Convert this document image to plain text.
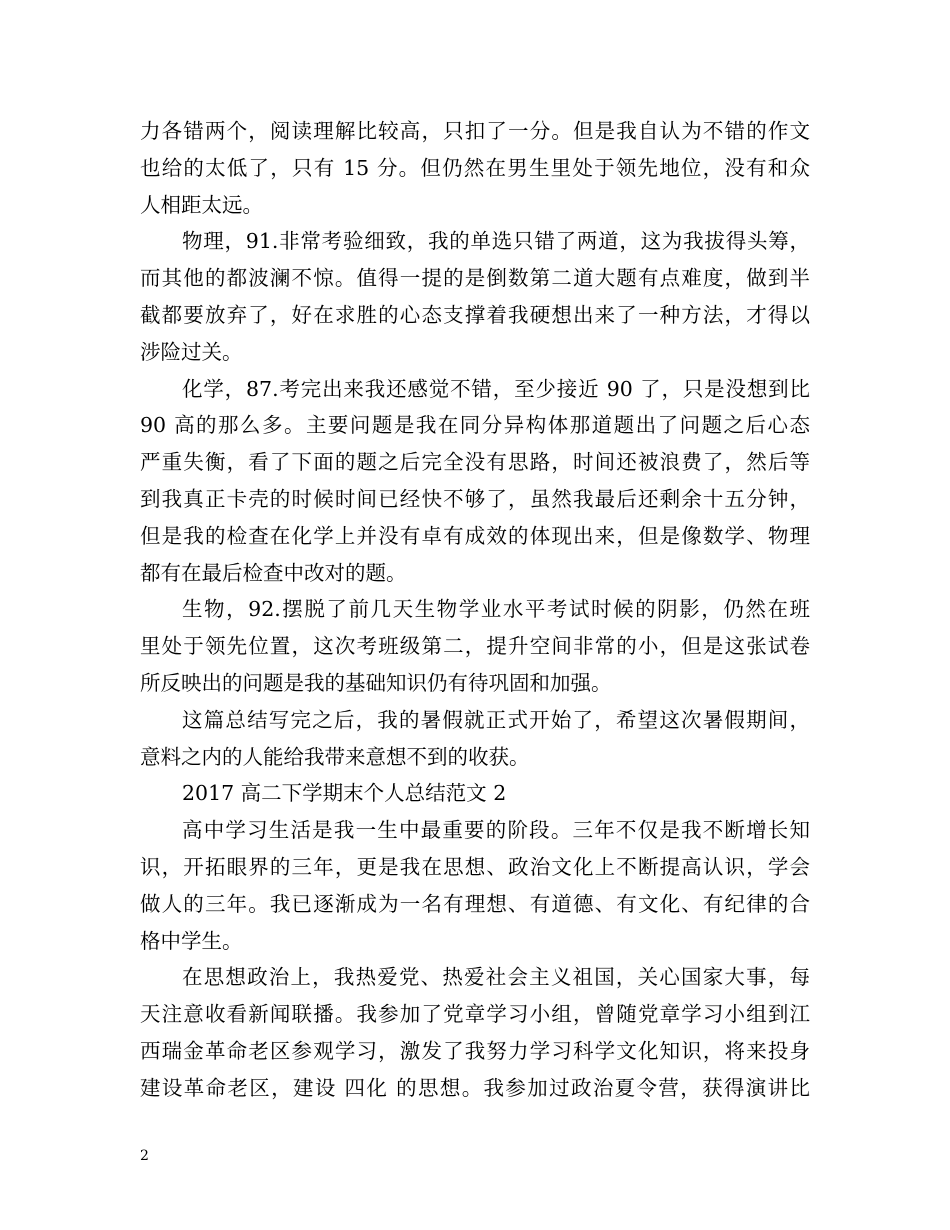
力各错两个，阅读理解比较高，只扣了一分。但是我自认为不错的作文
也给的太低了，只有 15 分。但仍然在男生里处于领先地位，没有和众
人相距太远。
物理，91.非常考验细致，我的单选只错了两道，这为我拔得头筹，
而其他的都波澜不惊。值得一提的是倒数第二道大题有点难度，做到半
截都要放弃了，好在求胜的心态支撑着我硬想出来了一种方法，才得以
涉险过关。
化学，87.考完出来我还感觉不错，至少接近 90 了，只是没想到比
90 高的那么多。主要问题是我在同分异构体那道题出了问题之后心态
严重失衡，看了下面的题之后完全没有思路，时间还被浪费了，然后等
到我真正卡壳的时候时间已经快不够了，虽然我最后还剩余十五分钟，
但是我的检查在化学上并没有卓有成效的体现出来，但是像数学、物理
都有在最后检查中改对的题。
生物，92.摆脱了前几天生物学业水平考试时候的阴影，仍然在班
里处于领先位置，这次考班级第二，提升空间非常的小，但是这张试卷
所反映出的问题是我的基础知识仍有待巩固和加强。
这篇总结写完之后，我的暑假就正式开始了，希望这次暑假期间，
意料之内的人能给我带来意想不到的收获。
2017 高二下学期末个人总结范文 2
高中学习生活是我一生中最重要的阶段。三年不仅是我不断增长知
识，开拓眼界的三年，更是我在思想、政治文化上不断提高认识，学会
做人的三年。我已逐渐成为一名有理想、有道德、有文化、有纪律的合
格中学生。
在思想政治上，我热爱党、热爱社会主义祖国，关心国家大事，每
天注意收看新闻联播。我参加了党章学习小组，曾随党章学习小组到江
西瑞金革命老区参观学习，激发了我努力学习科学文化知识，将来投身
建设革命老区，建设 四化 的思想。我参加过政治夏令营，获得演讲比
2
